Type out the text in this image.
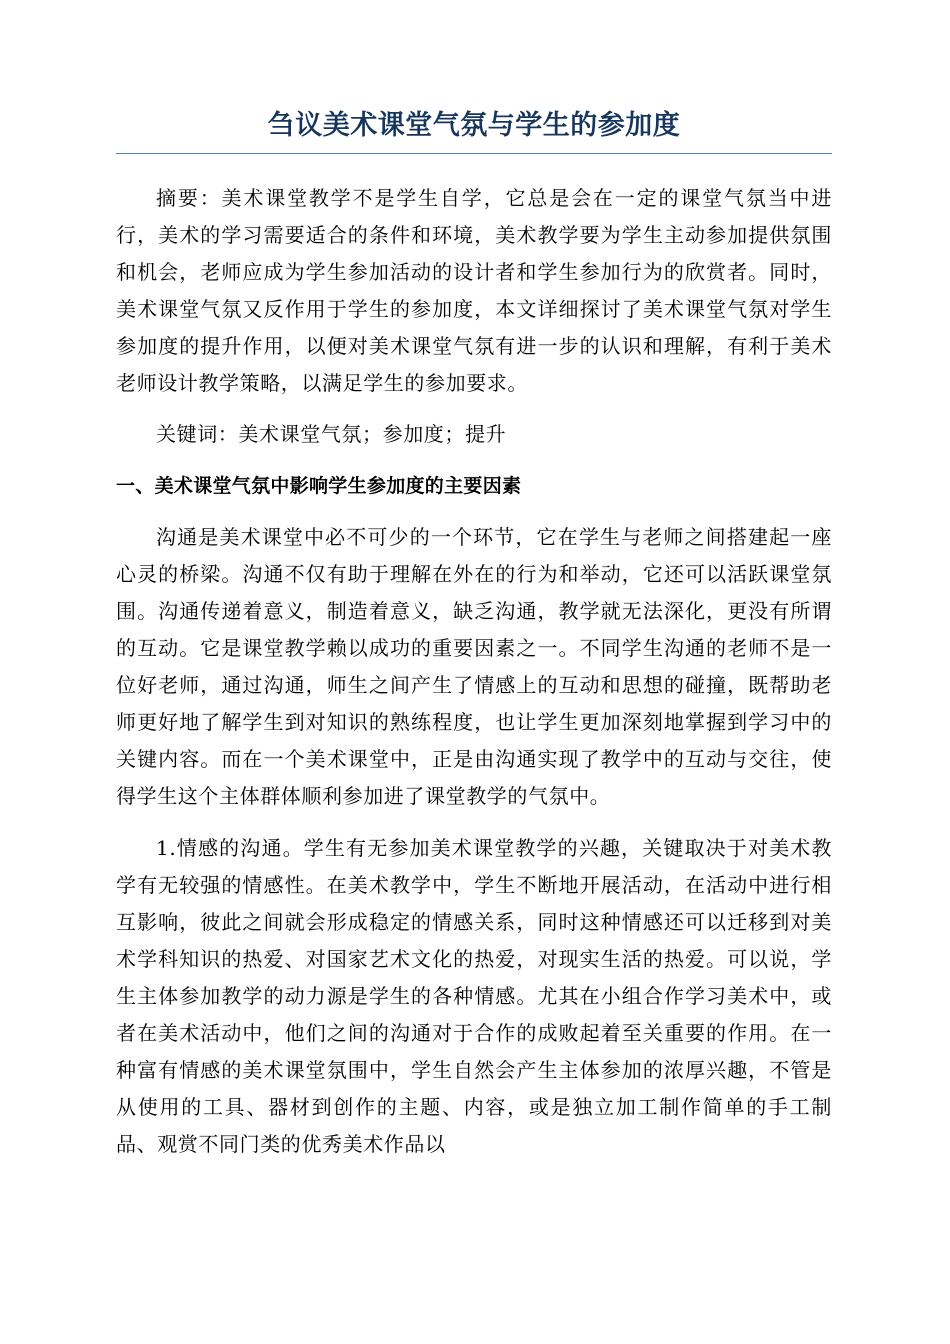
刍议美术课堂气氛与学生的参加度

摘要：美术课堂教学不是学生自学，它总是会在一定的课堂气氛当中进行，美术的学习需要适合的条件和环境，美术教学要为学生主动参加提供氛围和机会，老师应成为学生参加活动的设计者和学生参加行为的欣赏者。同时，美术课堂气氛又反作用于学生的参加度，本文详细探讨了美术课堂气氛对学生参加度的提升作用，以便对美术课堂气氛有进一步的认识和理解，有利于美术老师设计教学策略，以满足学生的参加要求。

关键词：美术课堂气氛；参加度；提升

一、美术课堂气氛中影响学生参加度的主要因素

沟通是美术课堂中必不可少的一个环节，它在学生与老师之间搭建起一座心灵的桥梁。沟通不仅有助于理解在外在的行为和举动，它还可以活跃课堂氛围。沟通传递着意义，制造着意义，缺乏沟通，教学就无法深化，更没有所谓的互动。它是课堂教学赖以成功的重要因素之一。不同学生沟通的老师不是一位好老师，通过沟通，师生之间产生了情感上的互动和思想的碰撞，既帮助老师更好地了解学生到对知识的熟练程度，也让学生更加深刻地掌握到学习中的关键内容。而在一个美术课堂中，正是由沟通实现了教学中的互动与交往，使得学生这个主体群体顺利参加进了课堂教学的气氛中。

1.情感的沟通。学生有无参加美术课堂教学的兴趣，关键取决于对美术教学有无较强的情感性。在美术教学中，学生不断地开展活动，在活动中进行相互影响，彼此之间就会形成稳定的情感关系，同时这种情感还可以迁移到对美术学科知识的热爱、对国家艺术文化的热爱，对现实生活的热爱。可以说，学生主体参加教学的动力源是学生的各种情感。尤其在小组合作学习美术中，或者在美术活动中，他们之间的沟通对于合作的成败起着至关重要的作用。在一种富有情感的美术课堂氛围中，学生自然会产生主体参加的浓厚兴趣，不管是从使用的工具、器材到创作的主题、内容，或是独立加工制作简单的手工制品、观赏不同门类的优秀美术作品以
